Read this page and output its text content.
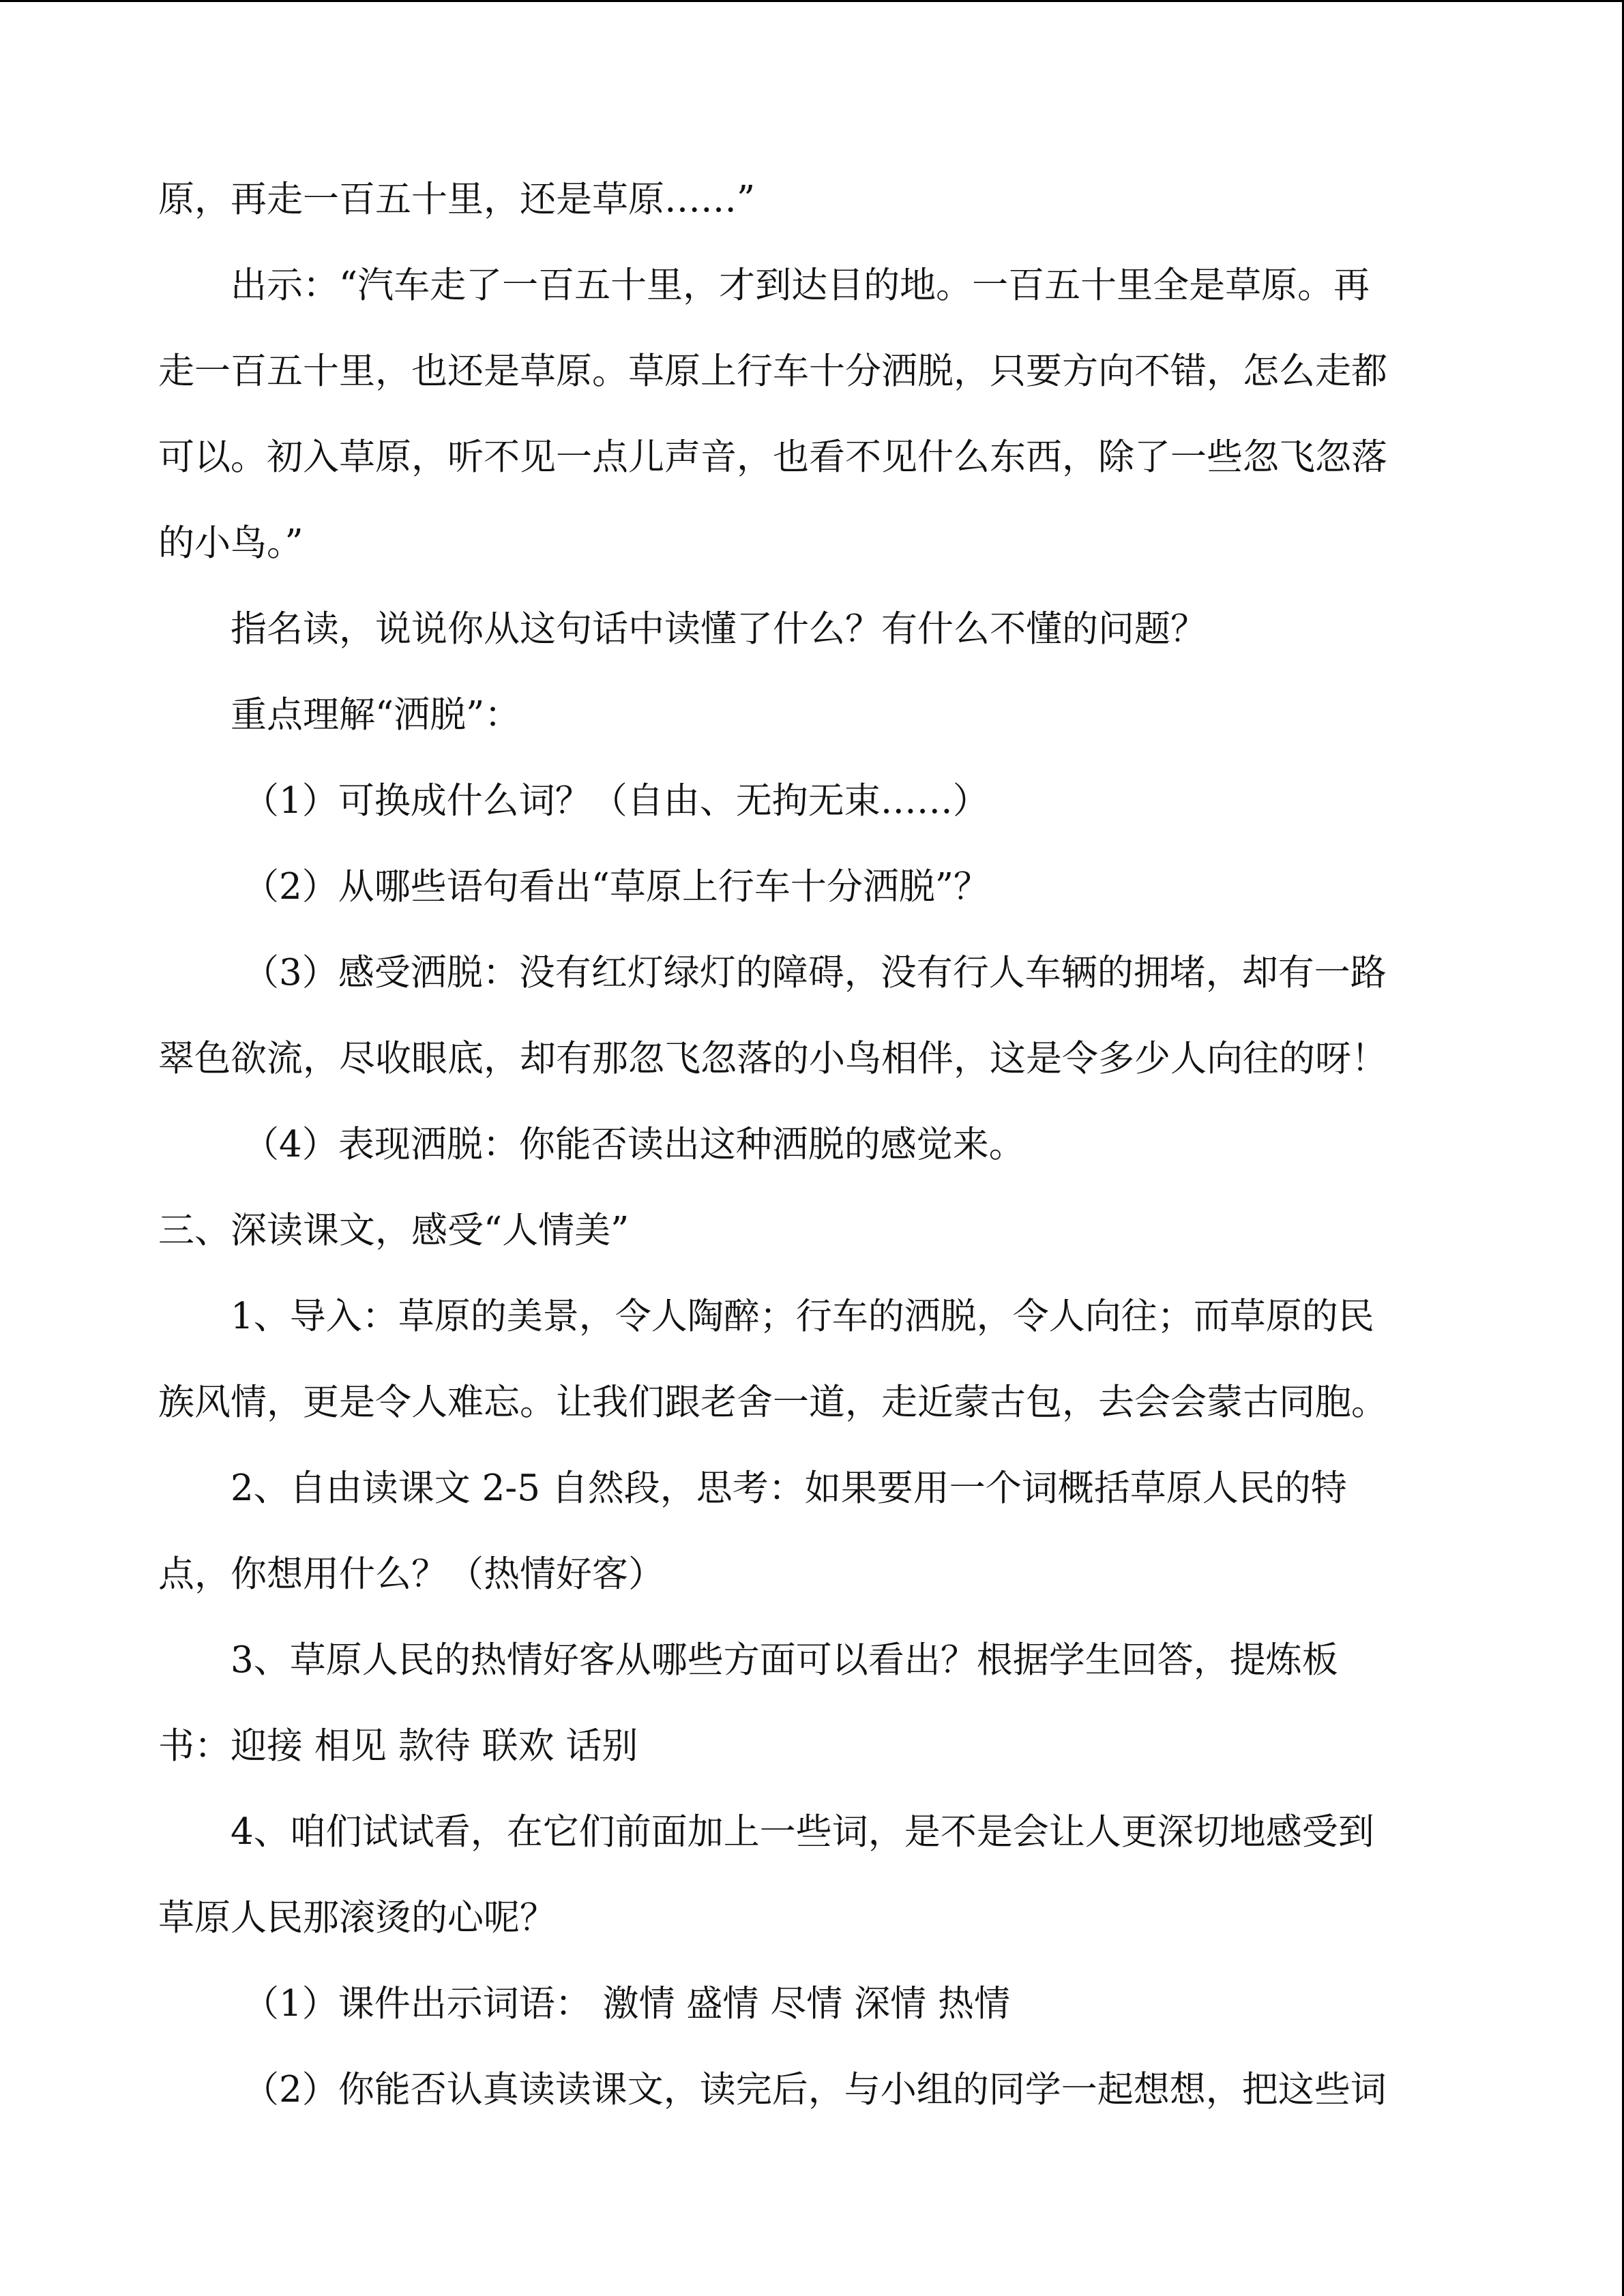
原，再走一百五十里，还是草原……”

出示：“汽车走了一百五十里，才到达目的地。一百五十里全是草原。再

走一百五十里，也还是草原。草原上行车十分洒脱，只要方向不错，怎么走都

可以。初入草原，听不见一点儿声音，也看不见什么东西，除了一些忽飞忽落

的小鸟。”

指名读，说说你从这句话中读懂了什么？有什么不懂的问题？

重点理解“洒脱”：

（1）可换成什么词？（自由、无拘无束……）

（2）从哪些语句看出“草原上行车十分洒脱”？

（3）感受洒脱：没有红灯绿灯的障碍，没有行人车辆的拥堵，却有一路

翠色欲流，尽收眼底，却有那忽飞忽落的小鸟相伴，这是令多少人向往的呀！

（4）表现洒脱：你能否读出这种洒脱的感觉来。

三、深读课文，感受“人情美”

1、导入：草原的美景，令人陶醉；行车的洒脱，令人向往；而草原的民

族风情，更是令人难忘。让我们跟老舍一道，走近蒙古包，去会会蒙古同胞。

2、自由读课文 2-5 自然段，思考：如果要用一个词概括草原人民的特

点，你想用什么？（热情好客）

3、草原人民的热情好客从哪些方面可以看出？根据学生回答，提炼板

书：迎接 相见 款待 联欢 话别

4、咱们试试看，在它们前面加上一些词，是不是会让人更深切地感受到

草原人民那滚烫的心呢？

（1）课件出示词语： 激情 盛情 尽情 深情 热情

（2）你能否认真读读课文，读完后，与小组的同学一起想想，把这些词
